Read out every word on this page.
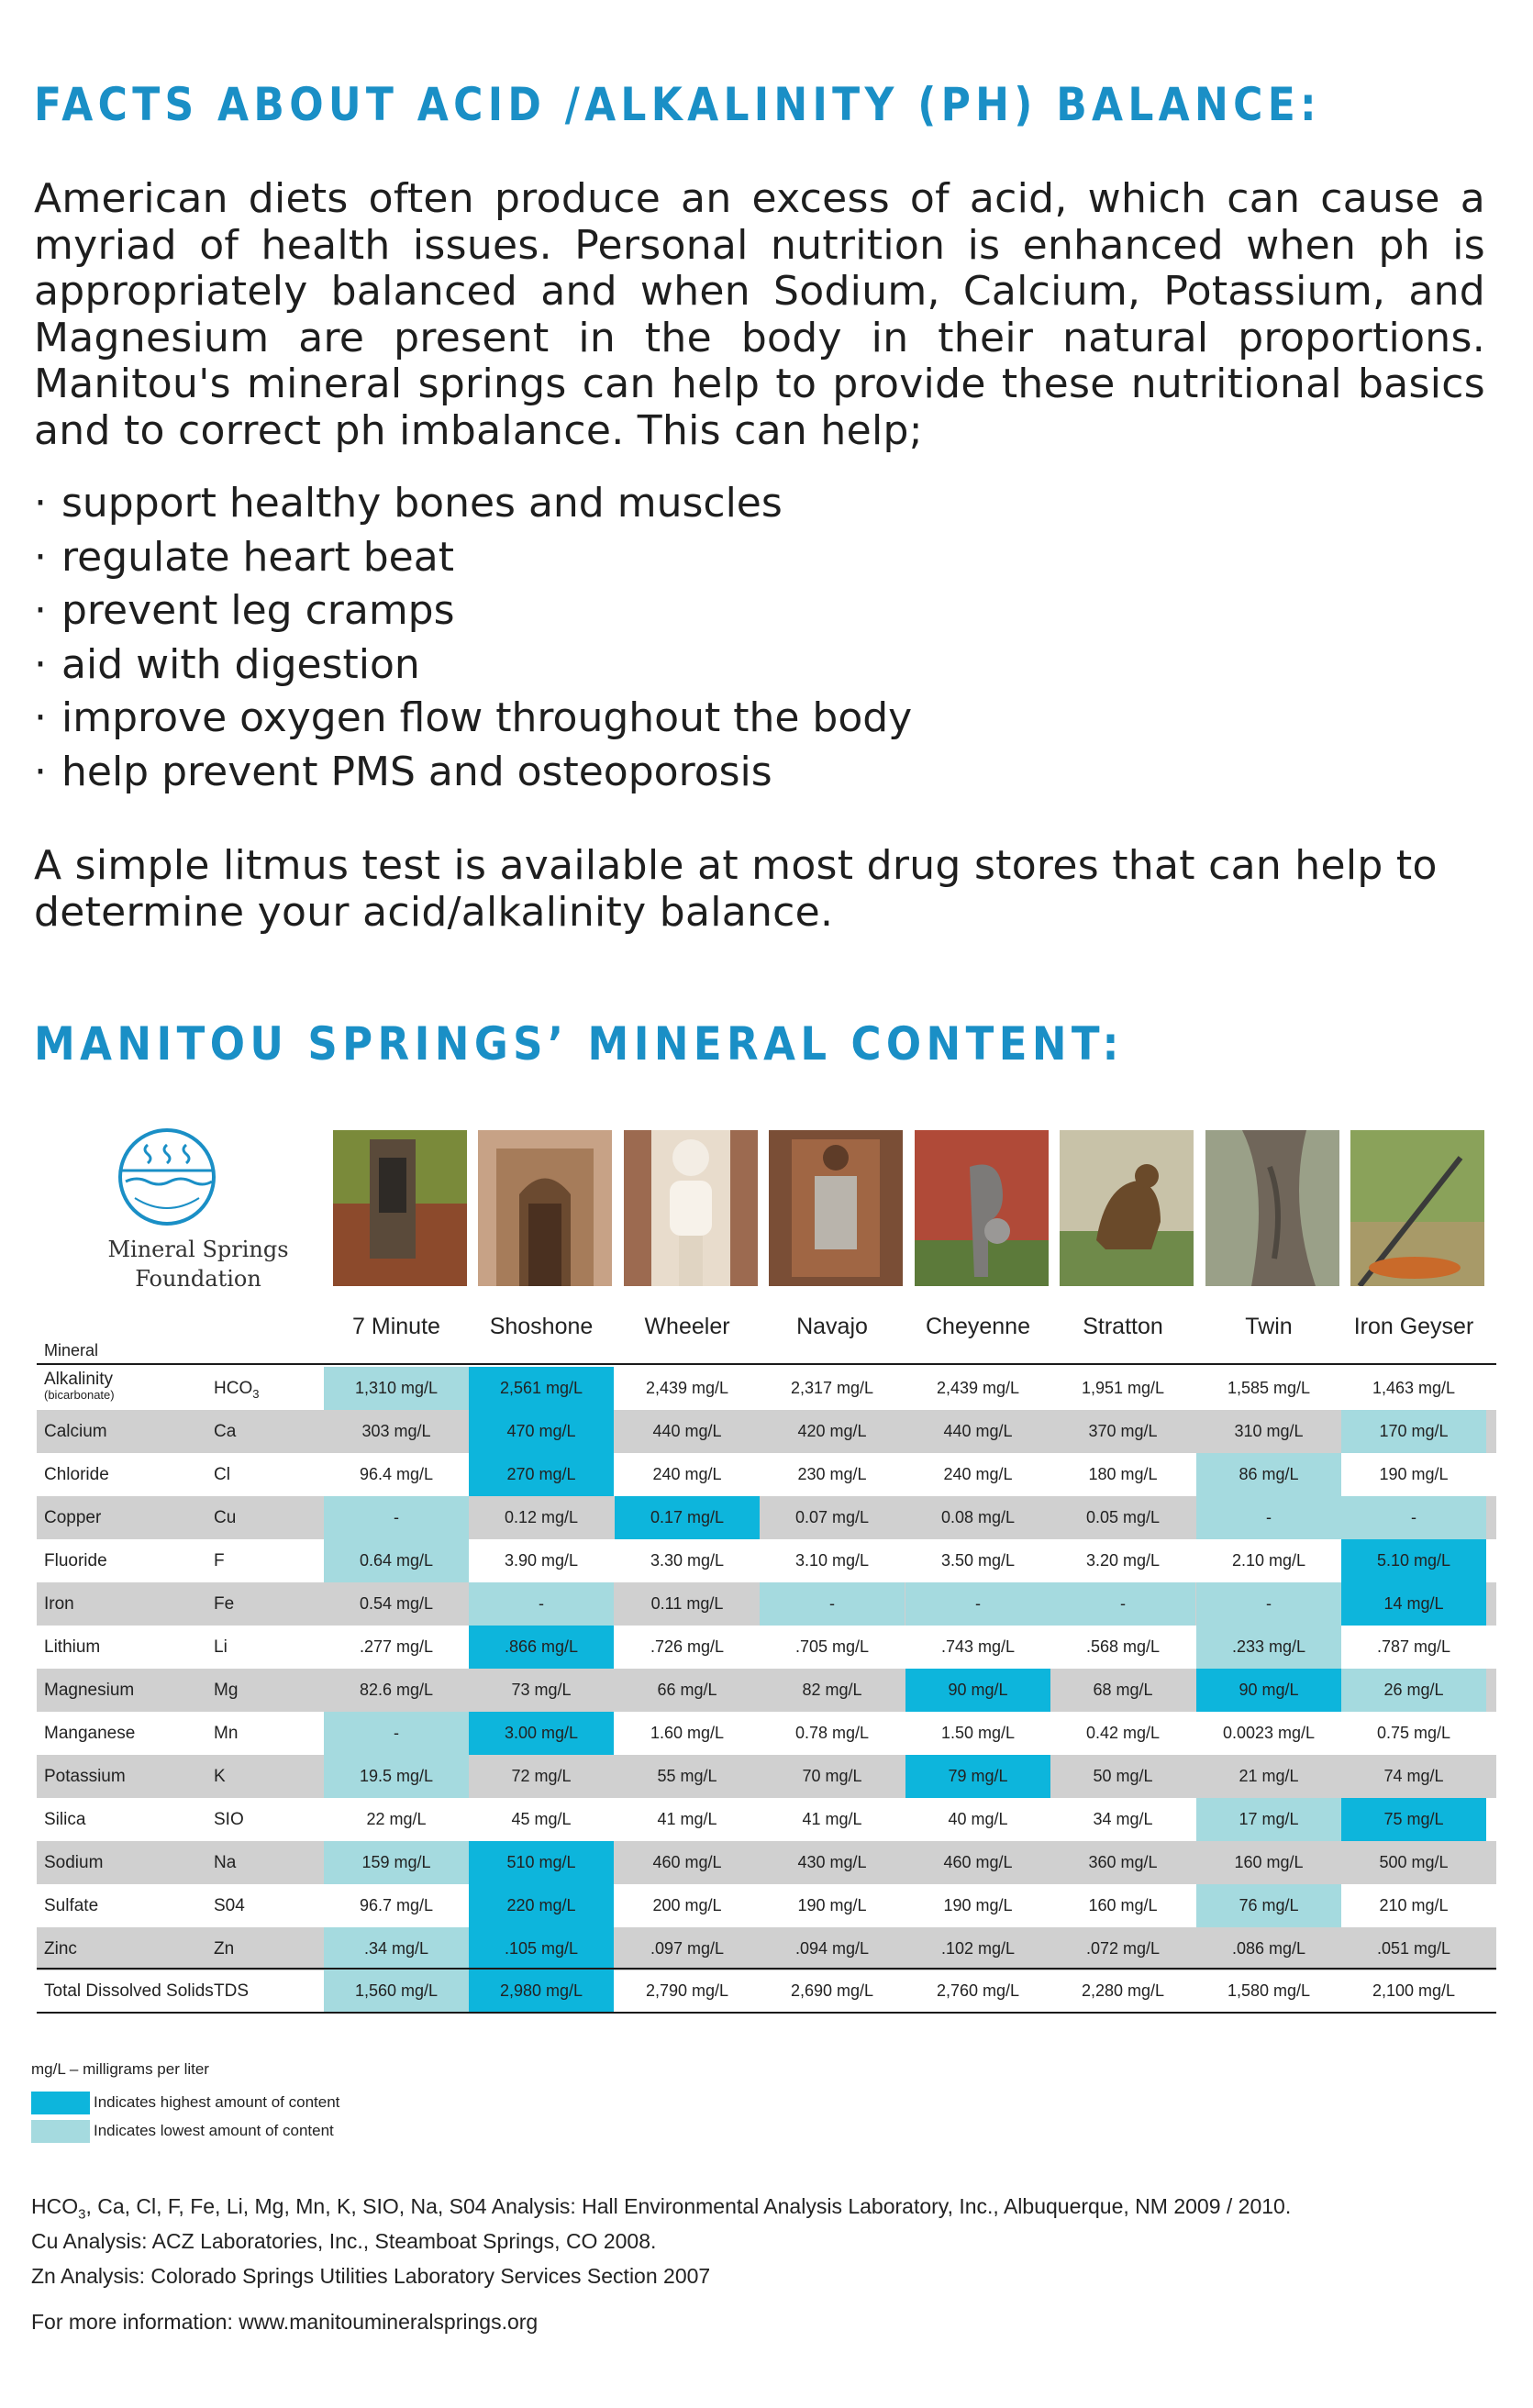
FACTS ABOUT ACID /ALKALINITY (PH) BALANCE:
American diets often produce an excess of acid, which can cause a myriad of health issues. Personal nutrition is enhanced when ph is appropriately balanced and when Sodium, Calcium, Potassium, and Magnesium are present in the body in their natural proportions. Manitou's mineral springs can help to provide these nutritional basics and to correct ph imbalance. This can help;
· support healthy bones and muscles
· regulate heart beat
· prevent leg cramps
· aid with digestion
· improve oxygen flow throughout the body
· help prevent PMS and osteoporosis
A simple litmus test is available at most drug stores that can help to determine your acid/alkalinity balance.
MANITOU SPRINGS’ MINERAL CONTENT:
Mineral Springs
Foundation
7 Minute	Shoshone	Wheeler	Navajo	Cheyenne	Stratton	Twin	Iron Geyser
Mineral
Alkalinity
(bicarbonate)	$HCO_3$	1,310 mg/L	2,561 mg/L	2,439 mg/L	2,317 mg/L	2,439 mg/L	1,951 mg/L	1,585 mg/L	1,463 mg/L
Calcium	Ca	303 mg/L	470 mg/L	440 mg/L	420 mg/L	440 mg/L	370 mg/L	310 mg/L	170 mg/L
Chloride	Cl	96.4 mg/L	270 mg/L	240 mg/L	230 mg/L	240 mg/L	180 mg/L	86 mg/L	190 mg/L
Copper	Cu	-	0.12 mg/L	0.17 mg/L	0.07 mg/L	0.08 mg/L	0.05 mg/L	-	-
Fluoride	F	0.64 mg/L	3.90 mg/L	3.30 mg/L	3.10 mg/L	3.50 mg/L	3.20 mg/L	2.10 mg/L	5.10 mg/L
Iron	Fe	0.54 mg/L	-	0.11 mg/L	-	-	-	-	14 mg/L
Lithium	Li	.277 mg/L	.866 mg/L	.726 mg/L	.705 mg/L	.743 mg/L	.568 mg/L	.233 mg/L	.787 mg/L
Magnesium	Mg	82.6 mg/L	73 mg/L	66 mg/L	82 mg/L	90 mg/L	68 mg/L	90 mg/L	26 mg/L
Manganese	Mn	-	3.00 mg/L	1.60 mg/L	0.78 mg/L	1.50 mg/L	0.42 mg/L	0.0023 mg/L	0.75 mg/L
Potassium	K	19.5 mg/L	72 mg/L	55 mg/L	70 mg/L	79 mg/L	50 mg/L	21 mg/L	74 mg/L
Silica	SIO	22 mg/L	45 mg/L	41 mg/L	41 mg/L	40 mg/L	34 mg/L	17 mg/L	75 mg/L
Sodium	Na	159 mg/L	510 mg/L	460 mg/L	430 mg/L	460 mg/L	360 mg/L	160 mg/L	500 mg/L
Sulfate	S04	96.7 mg/L	220 mg/L	200 mg/L	190 mg/L	190 mg/L	160 mg/L	76 mg/L	210 mg/L
Zinc	Zn	.34 mg/L	.105 mg/L	.097 mg/L	.094 mg/L	.102 mg/L	.072 mg/L	.086 mg/L	.051 mg/L
Total Dissolved Solids TDS	1,560 mg/L	2,980 mg/L	2,790 mg/L	2,690 mg/L	2,760 mg/L	2,280 mg/L	1,580 mg/L	2,100 mg/L
mg/L – milligrams per liter
Indicates highest amount of content
Indicates lowest amount of content
$HCO_3$, Ca, Cl, F, Fe, Li, Mg, Mn, K, SIO, Na, S04 Analysis: Hall Environmental Analysis Laboratory, Inc., Albuquerque, NM 2009 / 2010.
Cu Analysis: ACZ Laboratories, Inc., Steamboat Springs, CO 2008.
Zn Analysis: Colorado Springs Utilities Laboratory Services Section 2007
For more information: www.manitoumineralsprings.org
